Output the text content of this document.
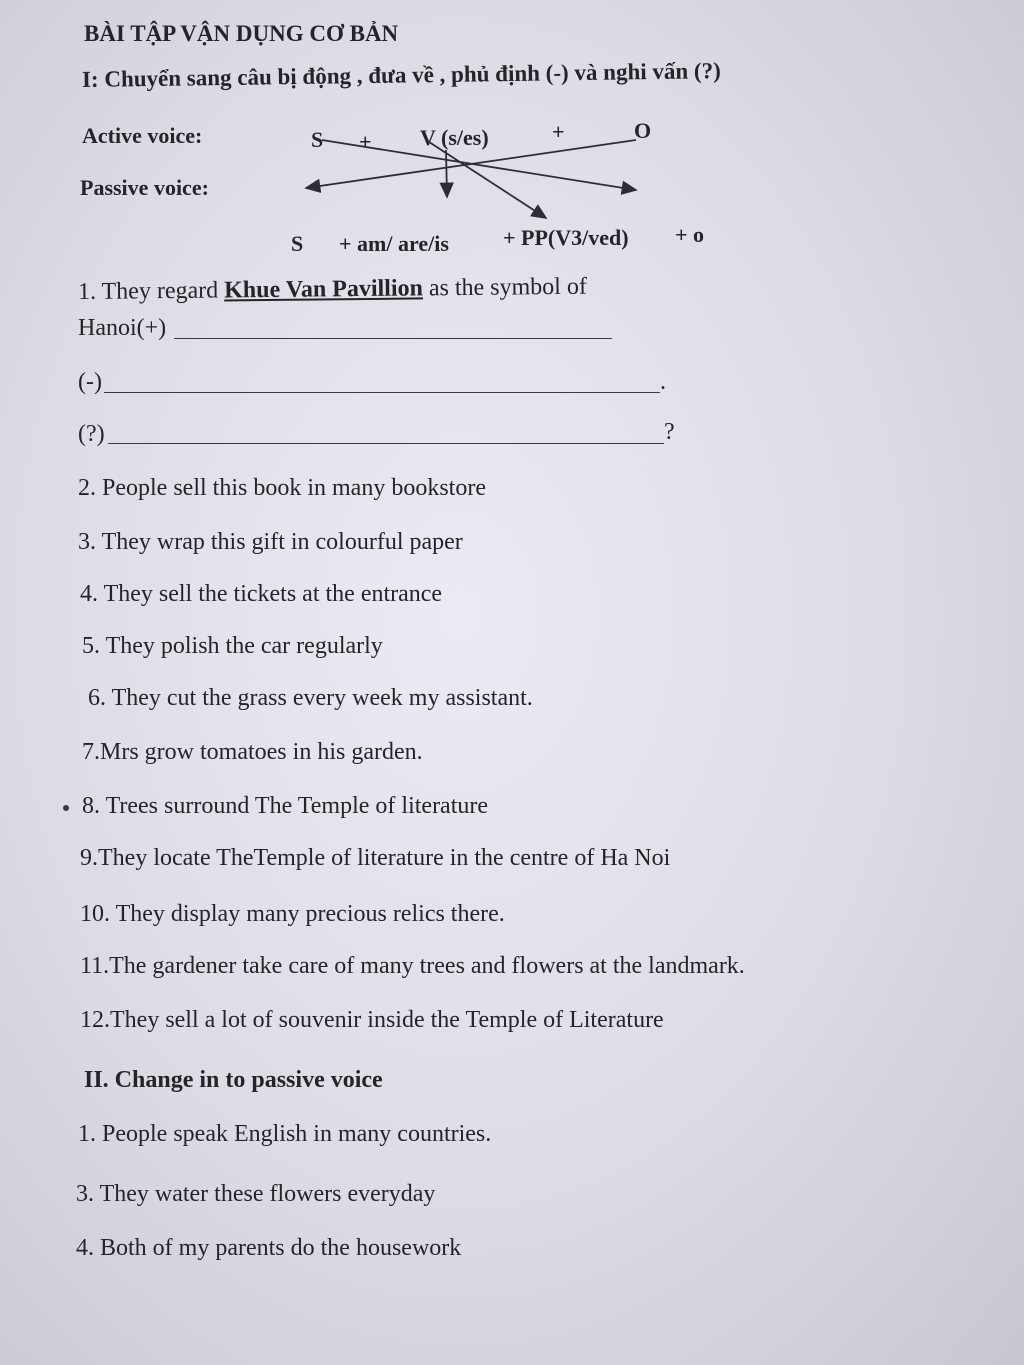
BÀI TẬP VẬN DỤNG CƠ BẢN
I: Chuyển sang câu bị động , đưa về , phủ định (-) và nghi vấn (?)
Active voice:
Passive voice:
S + V (s/es)	+	O
S + am/ are/is + PP(V3/ved) + o
1. They regard Khue Van Pavillion as the symbol of
Hanoi(+)
(-)	.
(?)	?
2. People sell this book in many bookstore
3. They wrap this gift in colourful paper
4. They sell the tickets at the entrance
5. They polish the car regularly
6. They cut the grass every week my assistant.
7.Mrs grow tomatoes in his garden.
8. Trees surround The Temple of literature
9.They locate TheTemple of literature in the centre of Ha Noi
10. They display many precious relics there.
11.The gardener take care of many trees and flowers at the landmark.
12.They sell a lot of souvenir inside the Temple of Literature
II. Change in to passive voice
1. People speak English in many countries.
3. They water these flowers everyday
4. Both of my parents do the housework
